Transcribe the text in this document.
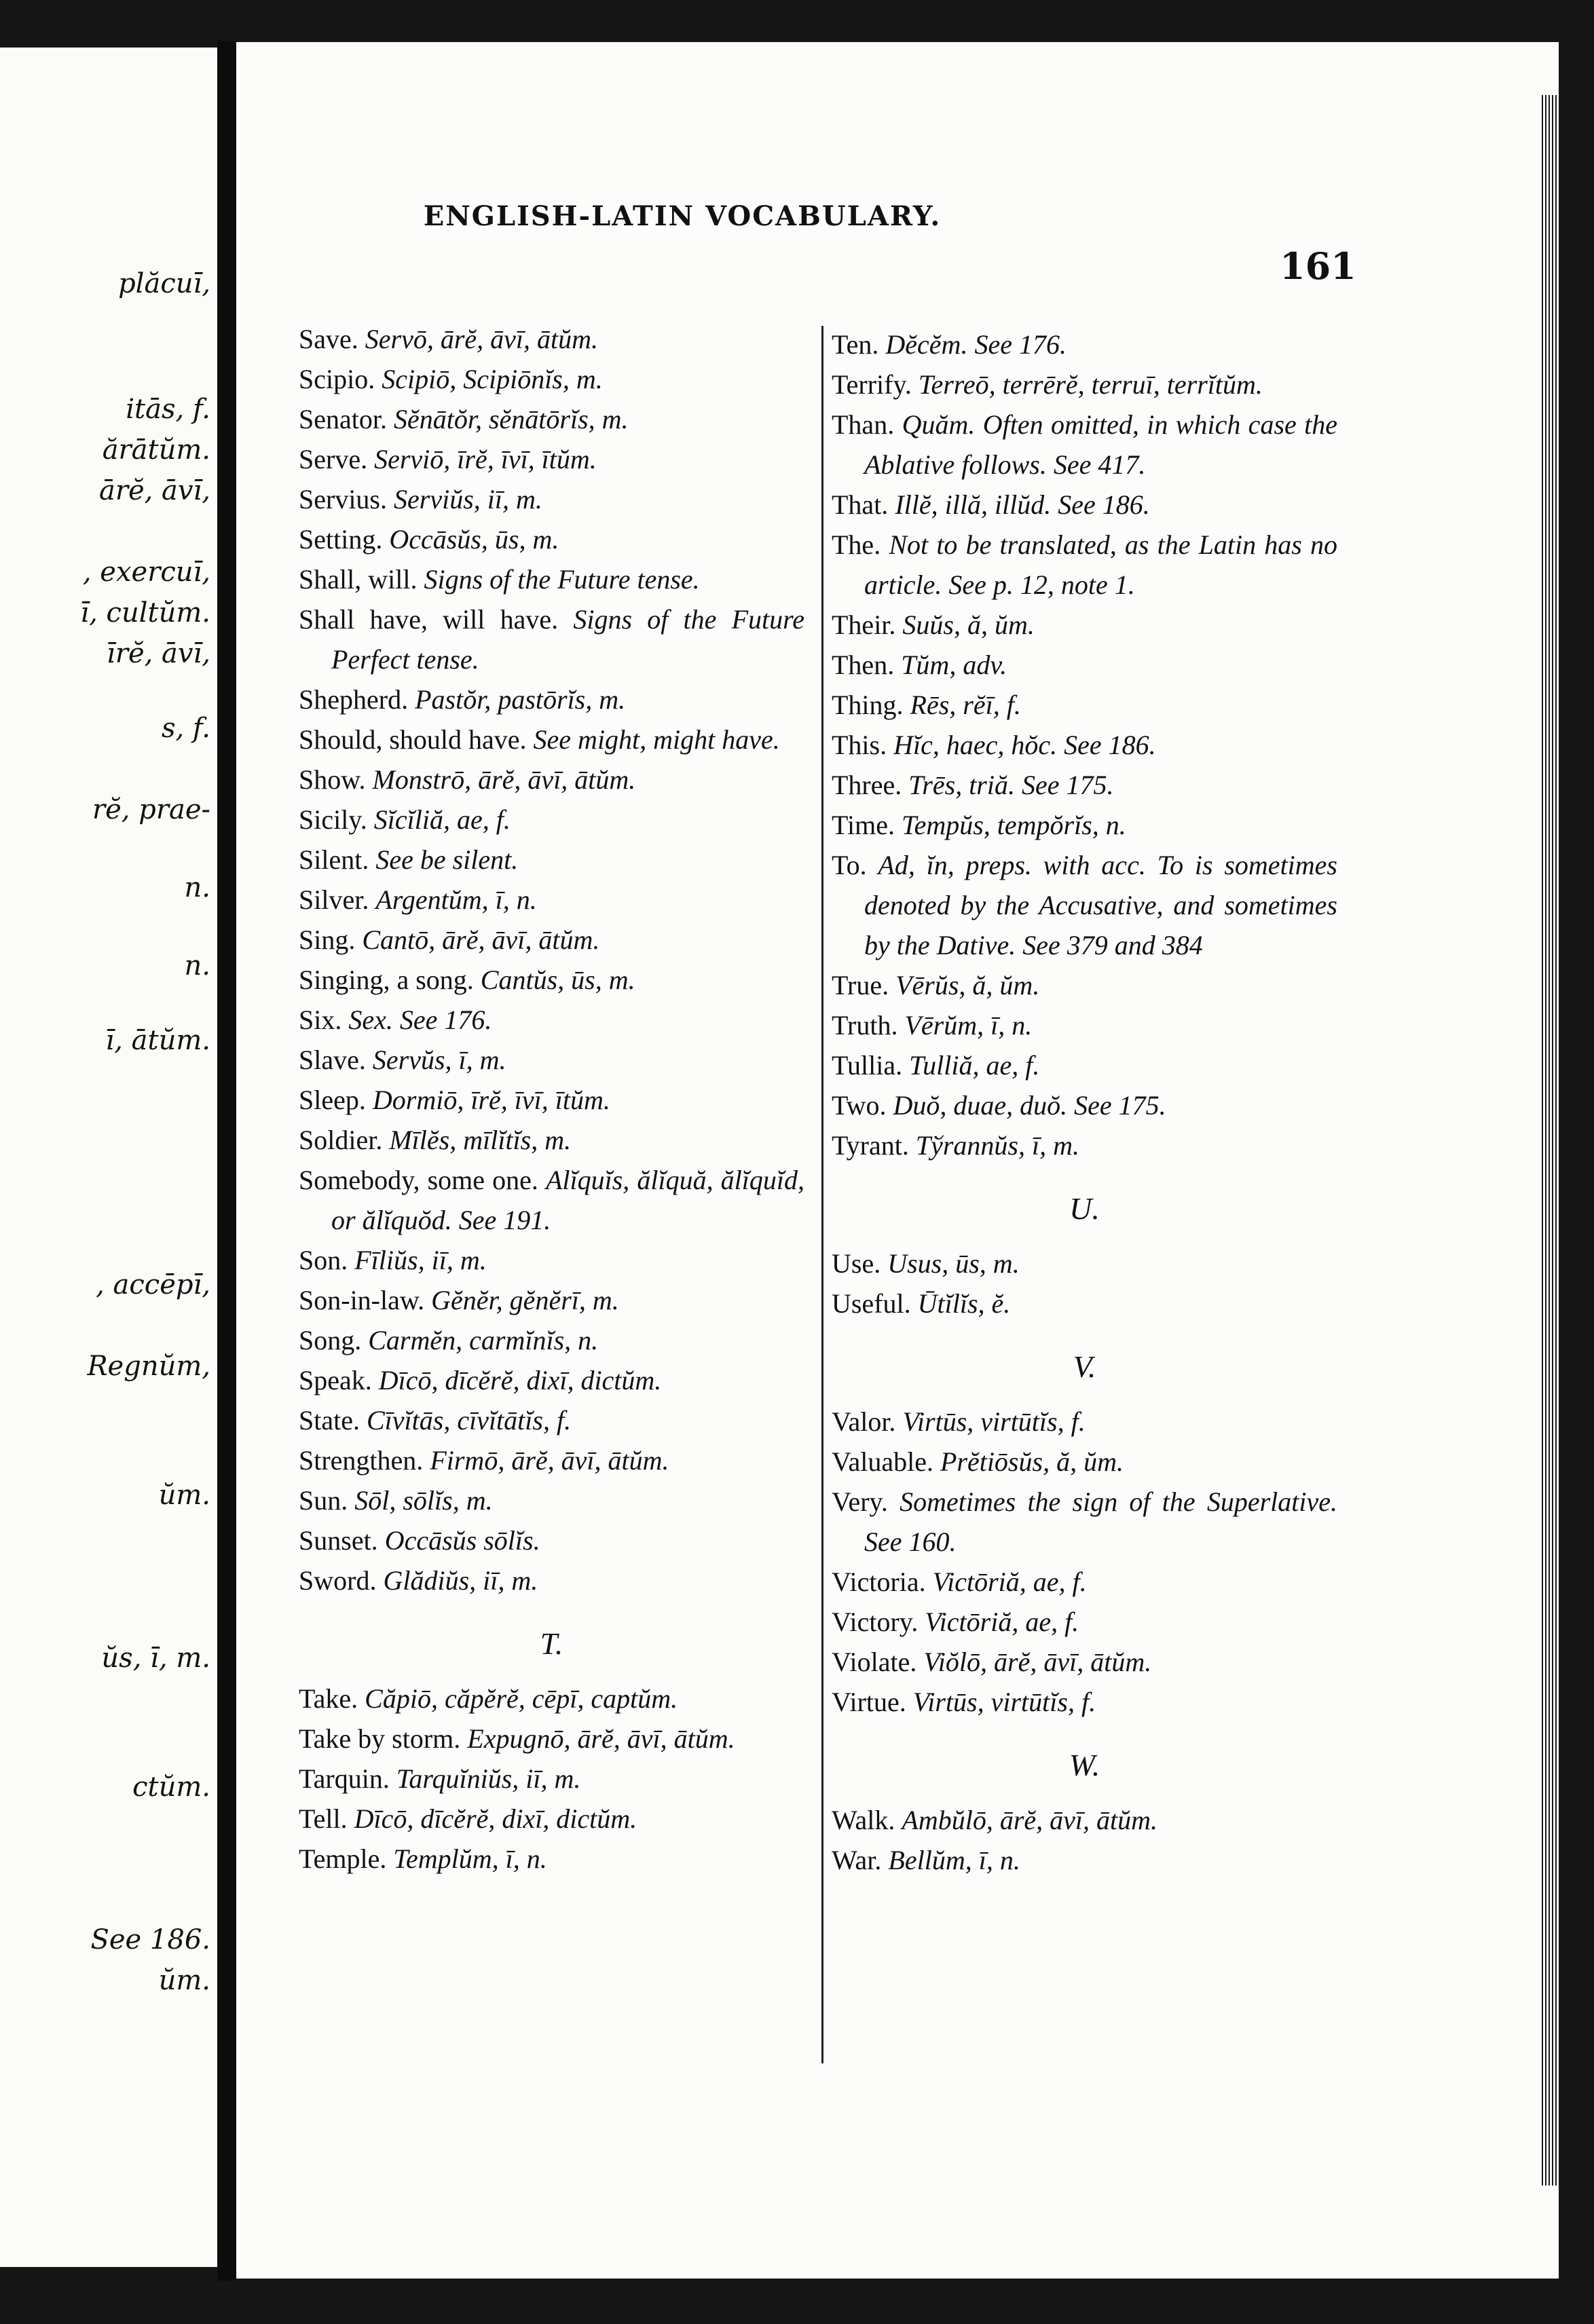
plăcuī,
itās, f.
ărātŭm.
ārĕ, āvī,
, exercuī,
ī, cultŭm.
īrĕ, āvī,
s, f.
rĕ, prae-
n.
n.
ī, ātŭm.
, accēpī,
Regnŭm,
ŭm.
ŭs, ī, m.
ctŭm.
See 186.
ŭm.
ENGLISH-LATIN VOCABULARY.
161

Save. Servō, ārĕ, āvī, ātŭm.

Scipio. Scipiō, Scipiōnĭs, m.

Senator. Sĕnātŏr, sĕnātōrĭs, m.

Serve. Serviō, īrĕ, īvī, ītŭm.

Servius. Serviŭs, iī, m.

Setting. Occāsŭs, ūs, m.

Shall, will. Signs of the Future tense.

Shall have, will have. Signs of the Future Perfect tense.

Shepherd. Pastŏr, pastōrĭs, m.

Should, should have. See might, might have.

Show. Monstrō, ārĕ, āvī, ātŭm.

Sicily. Sĭcĭliă, ae, f.

Silent. See be silent.

Silver. Argentŭm, ī, n.

Sing. Cantō, ārĕ, āvī, ātŭm.

Singing, a song. Cantŭs, ūs, m.

Six. Sex. See 176.

Slave. Servŭs, ī, m.

Sleep. Dormiō, īrĕ, īvī, ītŭm.

Soldier. Mīlĕs, mīlĭtĭs, m.

Somebody, some one. Alĭquĭs, ălĭquă, ălĭquĭd, or ălĭquŏd. See 191.

Son. Fīliŭs, iī, m.

Son-in-law. Gĕnĕr, gĕnĕrī, m.

Song. Carmĕn, carmĭnĭs, n.

Speak. Dīcō, dīcĕrĕ, dixī, dictŭm.

State. Cīvĭtās, cīvĭtātĭs, f.

Strengthen. Firmō, ārĕ, āvī, ātŭm.

Sun. Sōl, sōlĭs, m.

Sunset. Occāsŭs sōlĭs.

Sword. Glădiŭs, iī, m.

T.

Take. Căpiō, căpĕrĕ, cēpī, captŭm.

Take by storm. Expugnō, ārĕ, āvī, ātŭm.

Tarquin. Tarquĭniŭs, iī, m.

Tell. Dīcō, dīcĕrĕ, dixī, dictŭm.

Temple. Templŭm, ī, n.

Ten. Dĕcĕm. See 176.

Terrify. Terreō, terrērĕ, terruī, terrĭtŭm.

Than. Quăm. Often omitted, in which case the Ablative follows. See 417.

That. Illĕ, illă, illŭd. See 186.

The. Not to be translated, as the Latin has no article. See p. 12, note 1.

Their. Suŭs, ă, ŭm.

Then. Tŭm, adv.

Thing. Rēs, rĕī, f.

This. Hĭc, haec, hŏc. See 186.

Three. Trēs, triă. See 175.

Time. Tempŭs, tempŏrĭs, n.

To. Ad, ĭn, preps. with acc. To is sometimes denoted by the Accusative, and sometimes by the Dative. See 379 and 384

True. Vērŭs, ă, ŭm.

Truth. Vērŭm, ī, n.

Tullia. Tulliă, ae, f.

Two. Duŏ, duae, duŏ. See 175.

Tyrant. Tўrannŭs, ī, m.

U.

Use. Usus, ūs, m.

Useful. Ūtĭlĭs, ĕ.

V.

Valor. Virtūs, virtūtĭs, f.

Valuable. Prĕtiōsŭs, ă, ŭm.

Very. Sometimes the sign of the Superlative. See 160.

Victoria. Victōriă, ae, f.

Victory. Victōriă, ae, f.

Violate. Viŏlō, ārĕ, āvī, ātŭm.

Virtue. Virtūs, virtūtĭs, f.

W.

Walk. Ambŭlō, ārĕ, āvī, ātŭm.

War. Bellŭm, ī, n.
